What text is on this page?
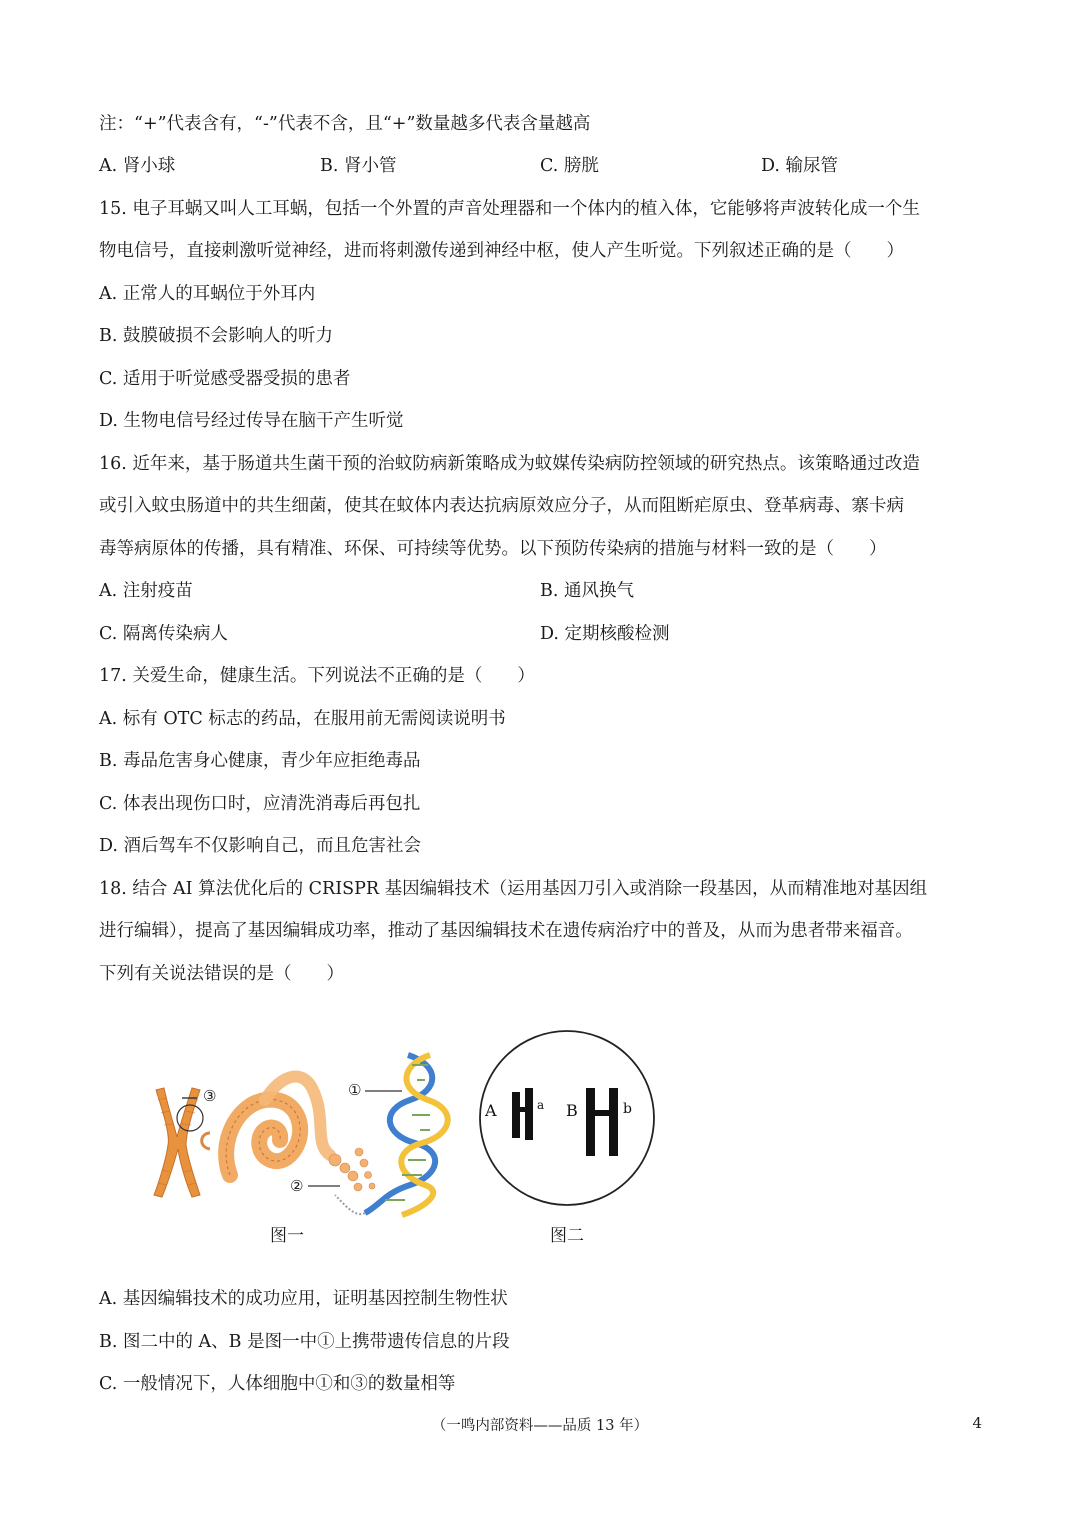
注：“+”代表含有，“-”代表不含，且“+”数量越多代表含量越高
A. 肾小球	B. 肾小管	C. 膀胱	D. 输尿管
15. 电子耳蜗又叫人工耳蜗，包括一个外置的声音处理器和一个体内的植入体，它能够将声波转化成一个生
物电信号，直接刺激听觉神经，进而将刺激传递到神经中枢，使人产生听觉。下列叙述正确的是（　　）
A. 正常人的耳蜗位于外耳内
B. 鼓膜破损不会影响人的听力
C. 适用于听觉感受器受损的患者
D. 生物电信号经过传导在脑干产生听觉
16. 近年来，基于肠道共生菌干预的治蚊防病新策略成为蚊媒传染病防控领域的研究热点。该策略通过改造
或引入蚊虫肠道中的共生细菌，使其在蚊体内表达抗病原效应分子，从而阻断疟原虫、登革病毒、寨卡病
毒等病原体的传播，具有精准、环保、可持续等优势。以下预防传染病的措施与材料一致的是（　　）
A. 注射疫苗	B. 通风换气
C. 隔离传染病人	D. 定期核酸检测
17. 关爱生命，健康生活。下列说法不正确的是（　　）
A. 标有 OTC 标志的药品，在服用前无需阅读说明书
B. 毒品危害身心健康，青少年应拒绝毒品
C. 体表出现伤口时，应清洗消毒后再包扎
D. 酒后驾车不仅影响自己，而且危害社会
18. 结合 AI 算法优化后的 CRISPR 基因编辑技术（运用基因刀引入或消除一段基因，从而精准地对基因组
进行编辑），提高了基因编辑成功率，推动了基因编辑技术在遗传病治疗中的普及，从而为患者带来福音。
下列有关说法错误的是（　　）
③	①
②
A	a B	b
图一	图二
A. 基因编辑技术的成功应用，证明基因控制生物性状
B. 图二中的 A、B 是图一中①上携带遗传信息的片段
C. 一般情况下，人体细胞中①和③的数量相等
（一鸣内部资料——品质 13 年）	4
